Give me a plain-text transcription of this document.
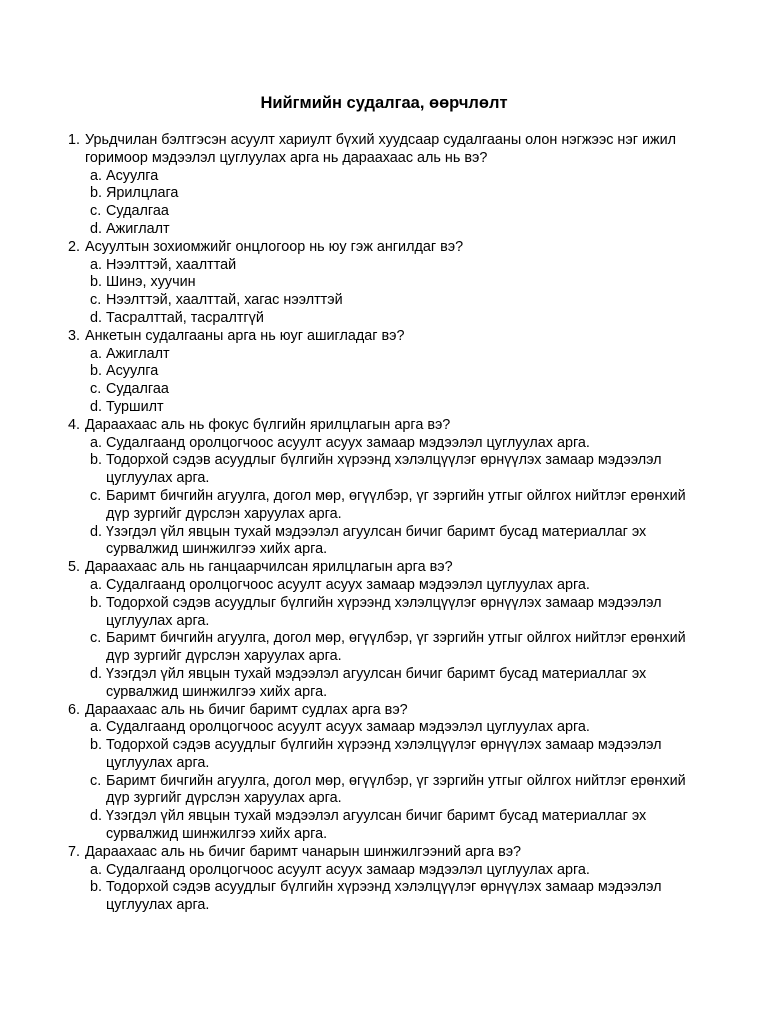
Нийгмийн судалгаа, өөрчлөлт
1. Урьдчилан бэлтгэсэн асуулт хариулт бүхий хуудсаар судалгааны олон нэгжээс нэг ижил горимоор мэдээлэл цуглуулах арга нь дараахаас аль нь вэ?
a. Асуулга
b. Ярилцлага
c. Судалгаа
d. Ажиглалт
2. Асуултын зохиомжийг онцлогоор нь юу гэж ангилдаг вэ?
a. Нээлттэй, хаалттай
b. Шинэ, хуучин
c. Нээлттэй, хаалттай, хагас нээлттэй
d. Тасралттай, тасралтгүй
3. Анкетын судалгааны арга нь юуг ашигладаг вэ?
a. Ажиглалт
b. Асуулга
c. Судалгаа
d. Туршилт
4. Дараахаас аль нь фокус бүлгийн ярилцлагын арга вэ?
a. Судалгаанд оролцогчоос асуулт асуух замаар мэдээлэл цуглуулах арга.
b. Тодорхой сэдэв асуудлыг бүлгийн хүрээнд хэлэлцүүлэг өрнүүлэх замаар мэдээлэл цуглуулах арга.
c. Баримт бичгийн агуулга, догол мөр, өгүүлбэр, үг зэргийн утгыг ойлгох нийтлэг ерөнхий дүр зургийг дүрслэн харуулах арга.
d. Үзэгдэл үйл явцын тухай мэдээлэл агуулсан бичиг баримт бусад материаллаг эх сурвалжид шинжилгээ хийх арга.
5. Дараахаас аль нь ганцаарчилсан ярилцлагын арга вэ?
a. Судалгаанд оролцогчоос асуулт асуух замаар мэдээлэл цуглуулах арга.
b. Тодорхой сэдэв асуудлыг бүлгийн хүрээнд хэлэлцүүлэг өрнүүлэх замаар мэдээлэл цуглуулах арга.
c. Баримт бичгийн агуулга, догол мөр, өгүүлбэр, үг зэргийн утгыг ойлгох нийтлэг ерөнхий дүр зургийг дүрслэн харуулах арга.
d. Үзэгдэл үйл явцын тухай мэдээлэл агуулсан бичиг баримт бусад материаллаг эх сурвалжид шинжилгээ хийх арга.
6. Дараахаас аль нь бичиг баримт судлах арга вэ?
a. Судалгаанд оролцогчоос асуулт асуух замаар мэдээлэл цуглуулах арга.
b. Тодорхой сэдэв асуудлыг бүлгийн хүрээнд хэлэлцүүлэг өрнүүлэх замаар мэдээлэл цуглуулах арга.
c. Баримт бичгийн агуулга, догол мөр, өгүүлбэр, үг зэргийн утгыг ойлгох нийтлэг ерөнхий дүр зургийг дүрслэн харуулах арга.
d. Үзэгдэл үйл явцын тухай мэдээлэл агуулсан бичиг баримт бусад материаллаг эх сурвалжид шинжилгээ хийх арга.
7. Дараахаас аль нь бичиг баримт чанарын шинжилгээний арга вэ?
a. Судалгаанд оролцогчоос асуулт асуух замаар мэдээлэл цуглуулах арга.
b. Тодорхой сэдэв асуудлыг бүлгийн хүрээнд хэлэлцүүлэг өрнүүлэх замаар мэдээлэл цуглуулах арга.
